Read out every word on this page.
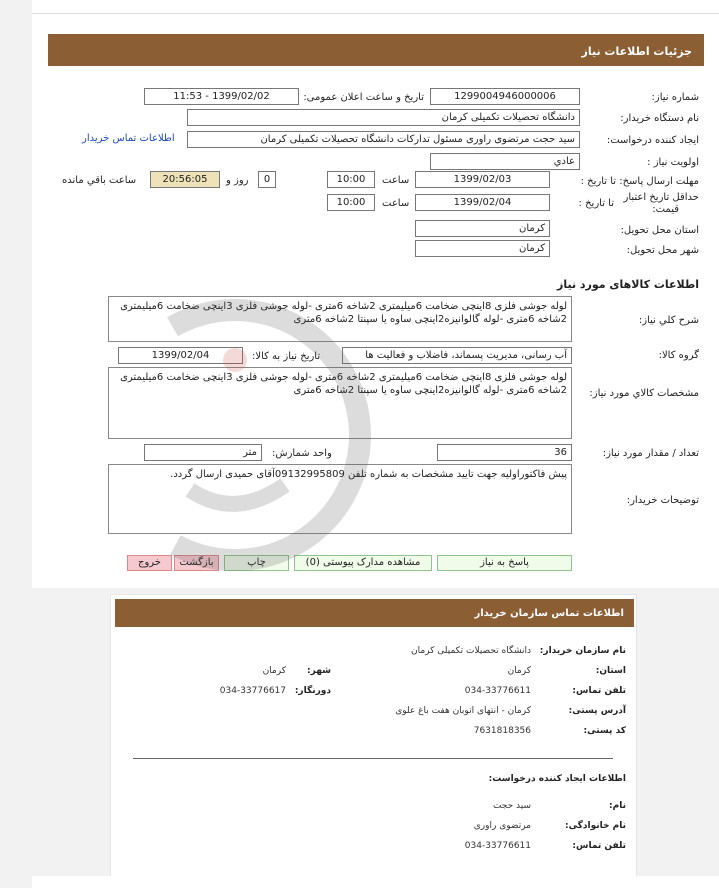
جزئیات اطلاعات نیاز
شماره نیاز:
1299004946000006
تاریخ و ساعت اعلان عمومی:
1399/02/02 - 11:53
نام دستگاه خریدار:
دانشگاه تحصیلات تکمیلی کرمان
ایجاد کننده درخواست:
سید حجت مرتضوی راوری مسئول تدارکات دانشگاه تحصیلات تکمیلی کرمان
اطلاعات تماس خریدار
اولویت نیاز :
عادي
مهلت ارسال پاسخ: تا تاریخ :
1399/02/03
ساعت
10:00
0
روز و
20:56:05
ساعت باقي مانده
حداقل تاریخ اعتبار
قیمت:
تا تاریخ :
1399/02/04
ساعت
10:00
استان محل تحویل:
کرمان
شهر محل تحویل:
کرمان
اطلاعات کالاهای مورد نیاز
شرح کلي نیاز:
لوله جوشی فلزی 8اینچی ضخامت 6میلیمتری 2شاخه 6متری -لوله جوشی فلزی 3اینچی ضخامت 6میلیمتری 2شاخه 6متری -لوله گالوانیزه2اینچی ساوه یا سپنتا 2شاخه 6متری
گروه کالا:
آب رسانی، مدیریت پسماند، فاضلاب و فعالیت ها
تاریخ نیاز به کالا:
1399/02/04
مشخصات کالاي مورد نیاز:
لوله جوشی فلزی 8اینچی ضخامت 6میلیمتری 2شاخه 6متری -لوله جوشی فلزی 3اینچی ضخامت 6میلیمتری 2شاخه 6متری -لوله گالوانیزه2اینچی ساوه یا سپنتا 2شاخه 6متری
تعداد / مقدار مورد نیاز:
36
واحد شمارش:
متر
توضیحات خریدار:
پیش فاکتوراولیه جهت تایید مشخصات به شماره تلفن 09132995809آقای حمیدی ارسال گردد.
پاسخ به نیاز
مشاهده مدارک پیوستی (0)
چاپ
بازگشت
خروج
اطلاعات تماس سازمان خریدار
نام سازمان خریدار:
دانشگاه تحصیلات تکمیلی کرمان
استان:
کرمان
شهر:
کرمان
تلفن تماس:
034-33776611
دورنگار:
034-33776617
آدرس پستی:
کرمان - انتهای اتوبان هفت باغ علوی
کد پستی:
7631818356
اطلاعات ایجاد کننده درخواست:
نام:
سید حجت
نام خانوادگی:
مرتضوی راوری
تلفن تماس:
034-33776611
